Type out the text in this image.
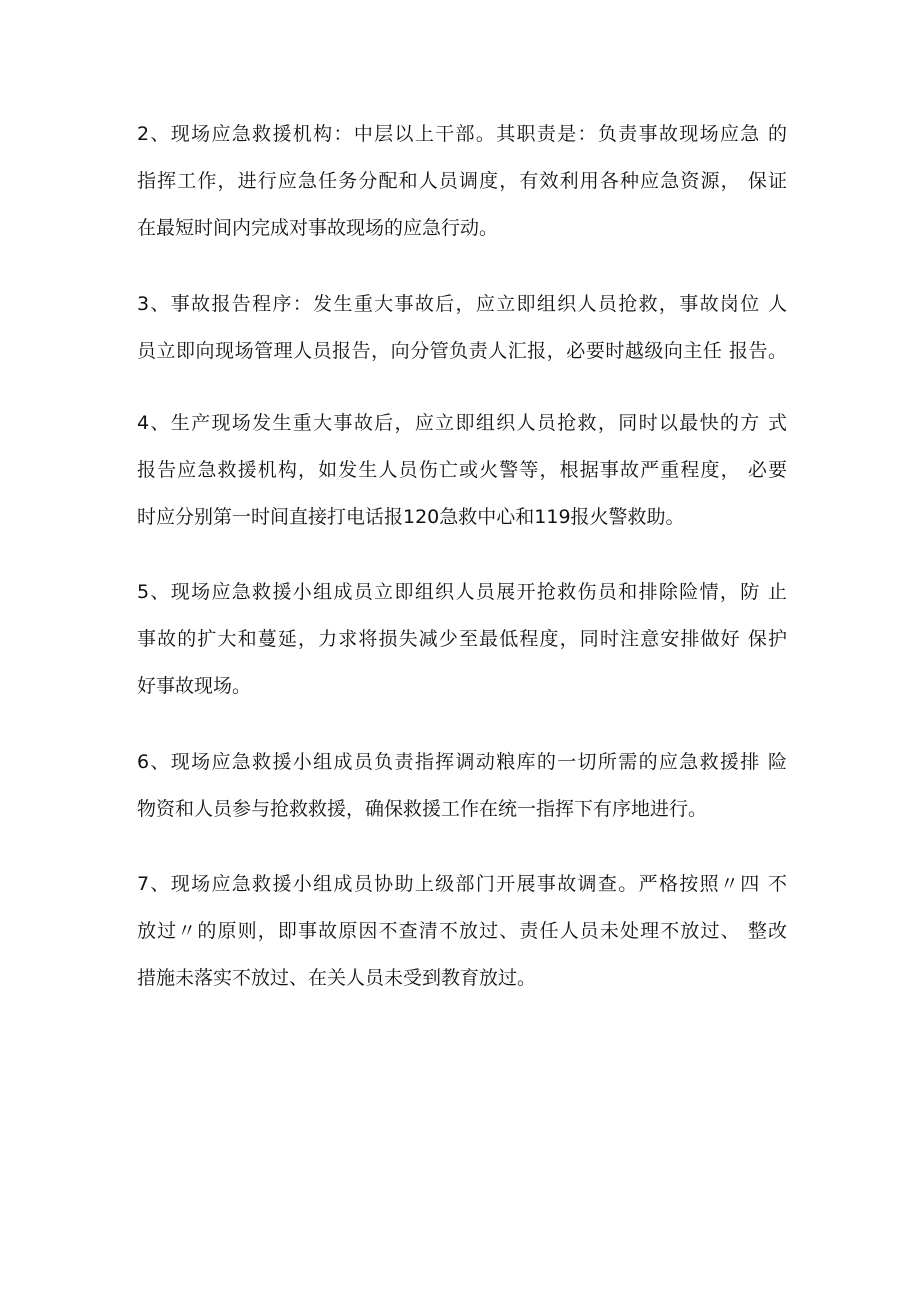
2、现场应急救援机构：中层以上干部。其职责是：负责事故现场应急 的
指挥工作，进行应急任务分配和人员调度，有效利用各种应急资源， 保证
在最短时间内完成对事故现场的应急行动。
3、事故报告程序：发生重大事故后，应立即组织人员抢救，事故岗位 人
员立即向现场管理人员报告，向分管负责人汇报，必要时越级向主任 报告。
4、生产现场发生重大事故后，应立即组织人员抢救，同时以最快的方 式
报告应急救援机构，如发生人员伤亡或火警等，根据事故严重程度， 必要
时应分别第一时间直接打电话报120急救中心和119报火警救助。
5、现场应急救援小组成员立即组织人员展开抢救伤员和排除险情，防 止
事故的扩大和蔓延，力求将损失减少至最低程度，同时注意安排做好 保护
好事故现场。
6、现场应急救援小组成员负责指挥调动粮库的一切所需的应急救援排 险
物资和人员参与抢救救援，确保救援工作在统一指挥下有序地进行。
7、现场应急救援小组成员协助上级部门开展事故调查。严格按照〃四 不
放过〃的原则，即事故原因不查清不放过、责任人员未处理不放过、 整改
措施未落实不放过、在关人员未受到教育放过。
